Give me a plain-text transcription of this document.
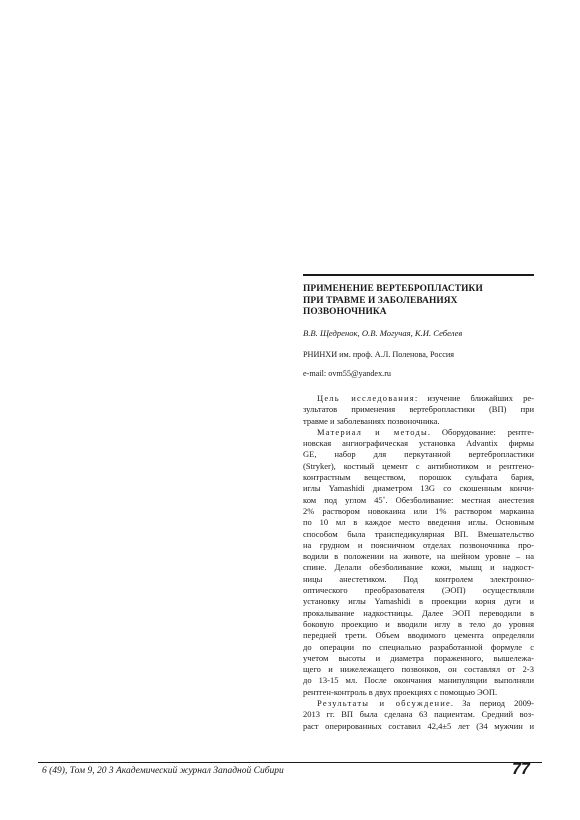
ПРИМЕНЕНИЕ ВЕРТЕБРОПЛАСТИКИ
ПРИ ТРАВМЕ И ЗАБОЛЕВАНИЯХ
ПОЗВОНОЧНИКА
В.В. Щедренок, О.В. Могучая, К.И. Себелев
РНИНХИ им. проф. А.Л. Поленова, Россия
e-mail: ovm55@yandex.ru
Цель исследования: изучение ближайших ре-
зультатов применения вертебропластики (ВП) при
травме и заболеваниях позвоночника.
Материал и методы. Оборудование: рентге-
новская ангиографическая установка Advantix фирмы
GE, набор для перкутанной вертебропластики
(Stryker), костный цемент с антибиотиком и рентгено-
контрастным веществом, порошок сульфата бария,
иглы Yamashidi диаметром 13G со скошенным кончи-
ком под углом 45˚. Обезболивание: местная анестезия
2% раствором новокаина или 1% раствором маркаина
по 10 мл в каждое место введения иглы. Основным
способом была транспедикулярная ВП. Вмешательство
на грудном и поясничном отделах позвоночника про-
водили в положении на животе, на шейном уровне – на
спине. Делали обезболивание кожи, мышц и надкост-
ницы анестетиком. Под контролем электронно-
оптического преобразователя (ЭОП) осуществляли
установку иглы Yamashidi в проекции корня дуги и
прокалывание надкостницы. Далее ЭОП переводили в
боковую проекцию и вводили иглу в тело до уровня
передней трети. Объем вводимого цемента определяли
до операции по специально разработанной формуле с
учетом высоты и диаметра пораженного, вышележа-
щего и нижележащего позвонков, он составлял от 2-3
до 13-15 мл. После окончания манипуляции выполняли
рентген-контроль в двух проекциях с помощью ЭОП.
Результаты и обсуждение. За период 2009-
2013 гг. ВП была сделана 63 пациентам. Средний воз-
раст оперированных составил 42,4±5 лет (34 мужчин и
6 (49), Том 9, 20 3 Академический журнал Западной Сибири	77
